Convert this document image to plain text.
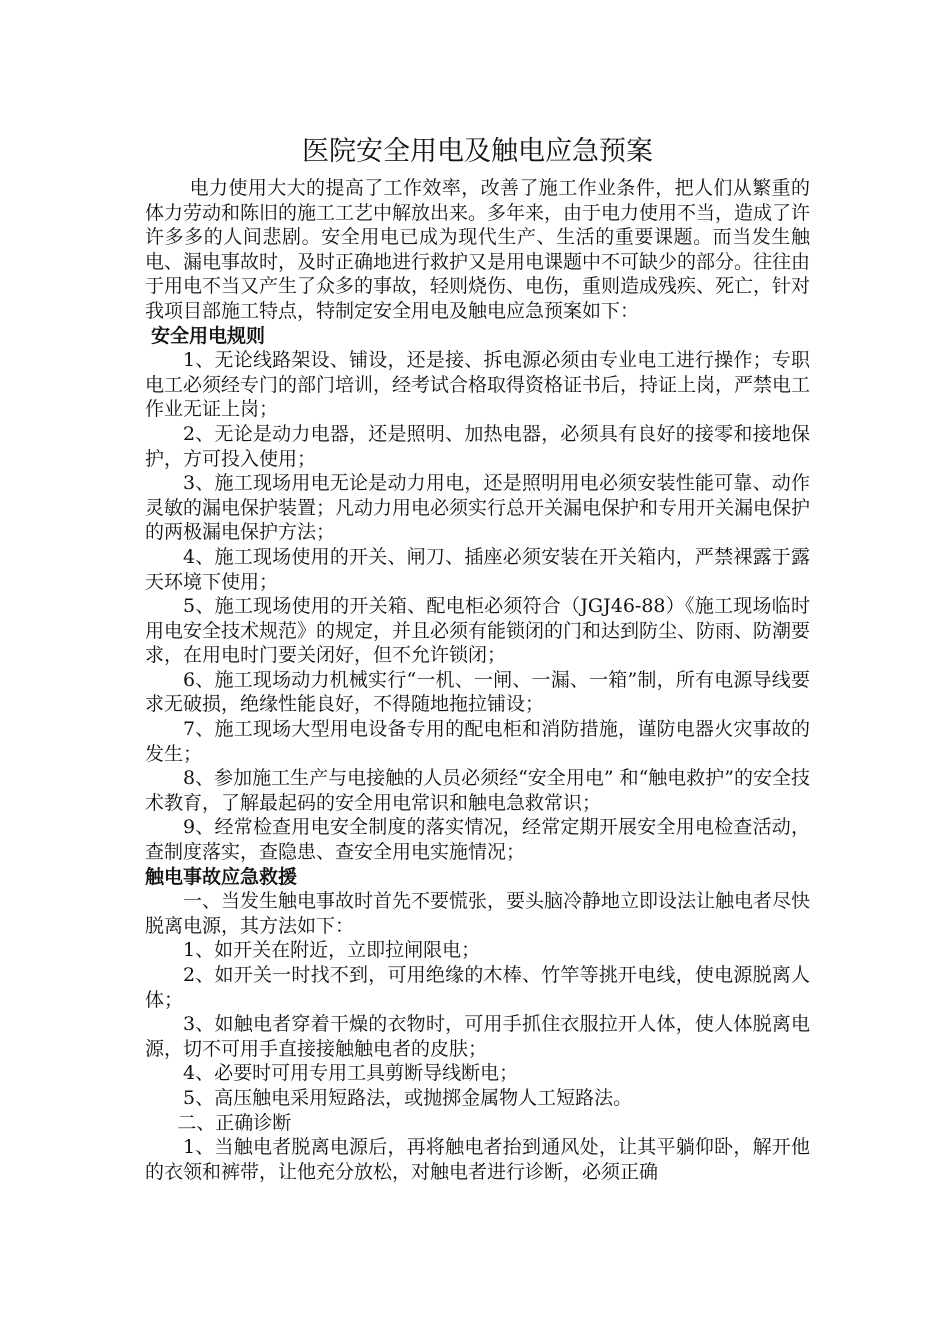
医院安全用电及触电应急预案

电力使用大大的提高了工作效率，改善了施工作业条件，把人们从繁重的体力劳动和陈旧的施工工艺中解放出来。多年来，由于电力使用不当，造成了许许多多的人间悲剧。安全用电已成为现代生产、生活的重要课题。而当发生触电、漏电事故时，及时正确地进行救护又是用电课题中不可缺少的部分。往往由于用电不当又产生了众多的事故，轻则烧伤、电伤，重则造成残疾、死亡，针对我项目部施工特点，特制定安全用电及触电应急预案如下：

安全用电规则

1、无论线路架设、铺设，还是接、拆电源必须由专业电工进行操作；专职电工必须经专门的部门培训，经考试合格取得资格证书后，持证上岗，严禁电工作业无证上岗；

2、无论是动力电器，还是照明、加热电器，必须具有良好的接零和接地保护，方可投入使用；

3、施工现场用电无论是动力用电，还是照明用电必须安装性能可靠、动作灵敏的漏电保护装置；凡动力用电必须实行总开关漏电保护和专用开关漏电保护的两极漏电保护方法；

4、施工现场使用的开关、闸刀、插座必须安装在开关箱内，严禁裸露于露天环境下使用；

5、施工现场使用的开关箱、配电柜必须符合（JGJ46-88）《施工现场临时用电安全技术规范》的规定，并且必须有能锁闭的门和达到防尘、防雨、防潮要求，在用电时门要关闭好，但不允许锁闭；

6、施工现场动力机械实行“一机、一闸、一漏、一箱”制，所有电源导线要求无破损，绝缘性能良好，不得随地拖拉铺设；

7、施工现场大型用电设备专用的配电柜和消防措施，谨防电器火灾事故的发生；

8、参加施工生产与电接触的人员必须经“安全用电” 和“触电救护”的安全技术教育，了解最起码的安全用电常识和触电急救常识；

9、经常检查用电安全制度的落实情况，经常定期开展安全用电检查活动，查制度落实，查隐患、查安全用电实施情况；

触电事故应急救援

一、当发生触电事故时首先不要慌张，要头脑冷静地立即设法让触电者尽快脱离电源，其方法如下：

1、如开关在附近，立即拉闸限电；

2、如开关一时找不到，可用绝缘的木棒、竹竿等挑开电线，使电源脱离人体；

3、如触电者穿着干燥的衣物时，可用手抓住衣服拉开人体，使人体脱离电源，切不可用手直接接触触电者的皮肤；

4、必要时可用专用工具剪断导线断电；

5、高压触电采用短路法，或抛掷金属物人工短路法。

二、正确诊断

1、当触电者脱离电源后，再将触电者抬到通风处，让其平躺仰卧，解开他的衣领和裤带，让他充分放松，对触电者进行诊断，必须正确
